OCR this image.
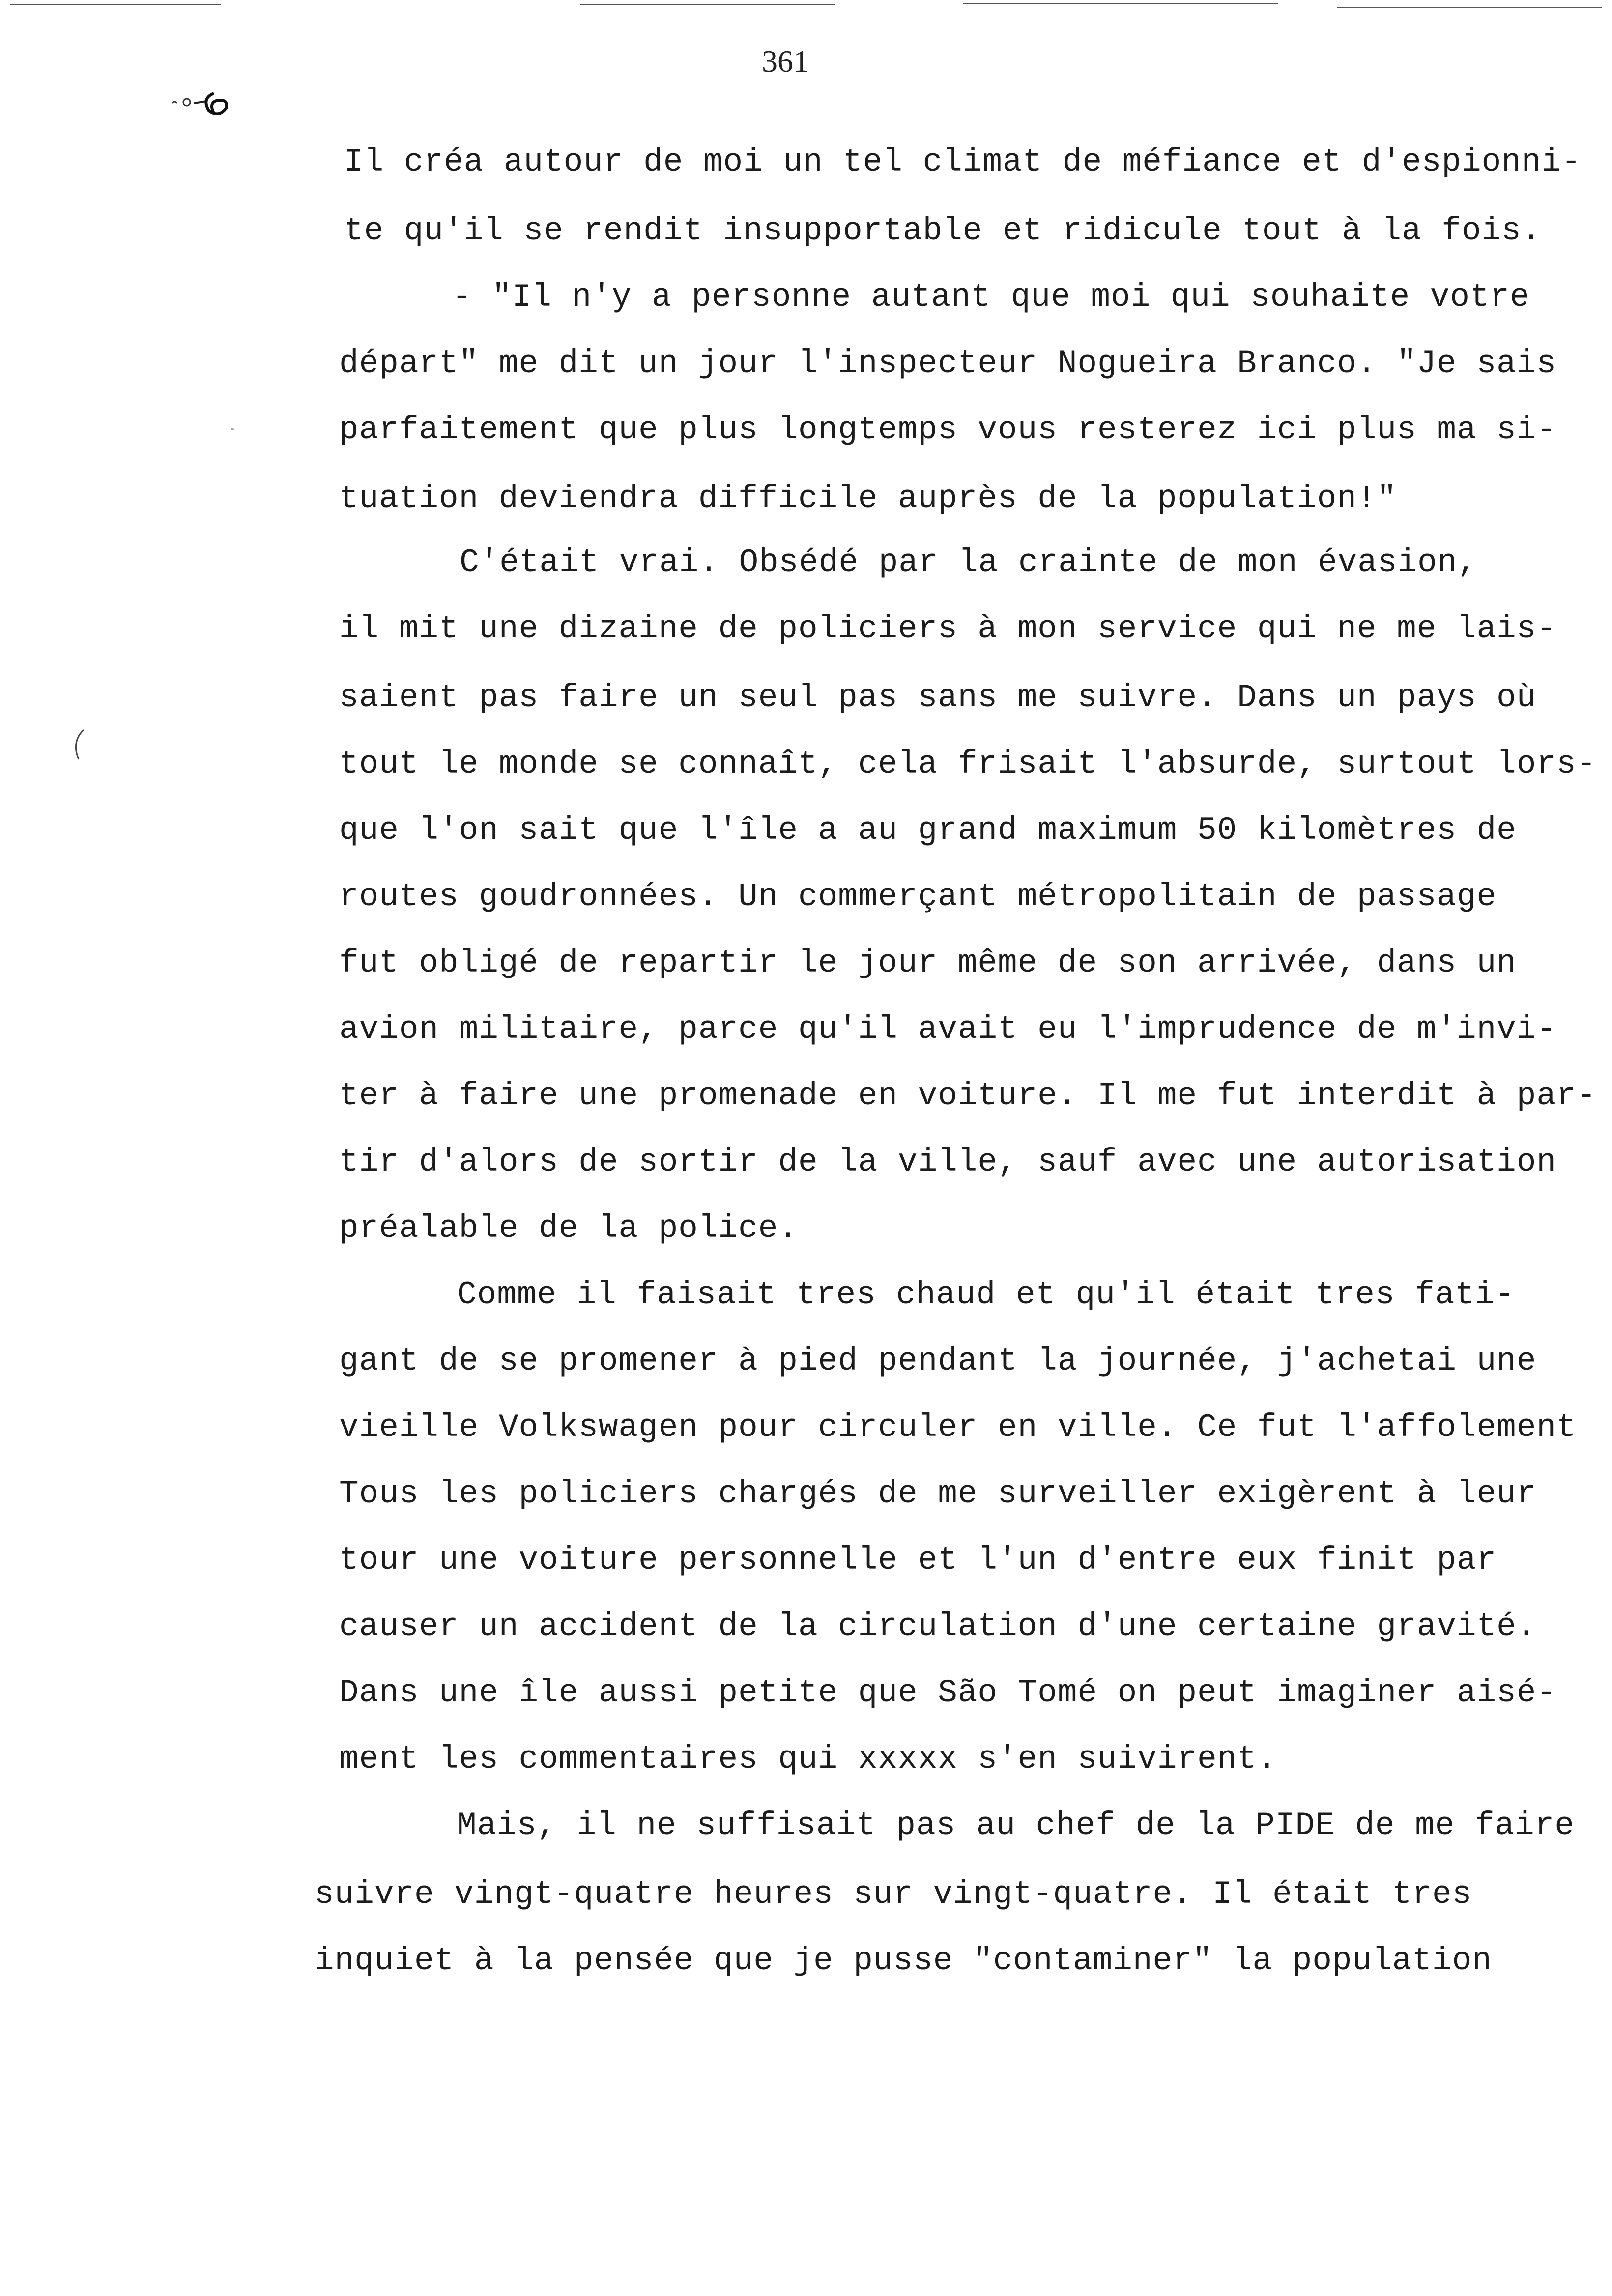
361
Il créa autour de moi un tel climat de méfiance et d'espionni-
te qu'il se rendit insupportable et ridicule tout à la fois.
- "Il n'y a personne autant que moi qui souhaite votre
départ" me dit un jour l'inspecteur Nogueira Branco. "Je sais
parfaitement que plus longtemps vous resterez ici plus ma si-
tuation deviendra difficile auprès de la population!"
C'était vrai. Obsédé par la crainte de mon évasion,
il mit une dizaine de policiers à mon service qui ne me lais-
saient pas faire un seul pas sans me suivre. Dans un pays où
tout le monde se connaît, cela frisait l'absurde, surtout lors-
que l'on sait que l'île a au grand maximum 50 kilomètres de
routes goudronnées. Un commerçant métropolitain de passage
fut obligé de repartir le jour même de son arrivée, dans un
avion militaire, parce qu'il avait eu l'imprudence de m'invi-
ter à faire une promenade en voiture. Il me fut interdit à par-
tir d'alors de sortir de la ville, sauf avec une autorisation
préalable de la police.
Comme il faisait tres chaud et qu'il était tres fati-
gant de se promener à pied pendant la journée, j'achetai une
vieille Volkswagen pour circuler en ville. Ce fut l'affolement
Tous les policiers chargés de me surveiller exigèrent à leur
tour une voiture personnelle et l'un d'entre eux finit par
causer un accident de la circulation d'une certaine gravité.
Dans une île aussi petite que São Tomé on peut imaginer aisé-
ment les commentaires qui xxxxx s'en suivirent.
Mais, il ne suffisait pas au chef de la PIDE de me faire
suivre vingt-quatre heures sur vingt-quatre. Il était tres
inquiet à la pensée que je pusse "contaminer" la population
